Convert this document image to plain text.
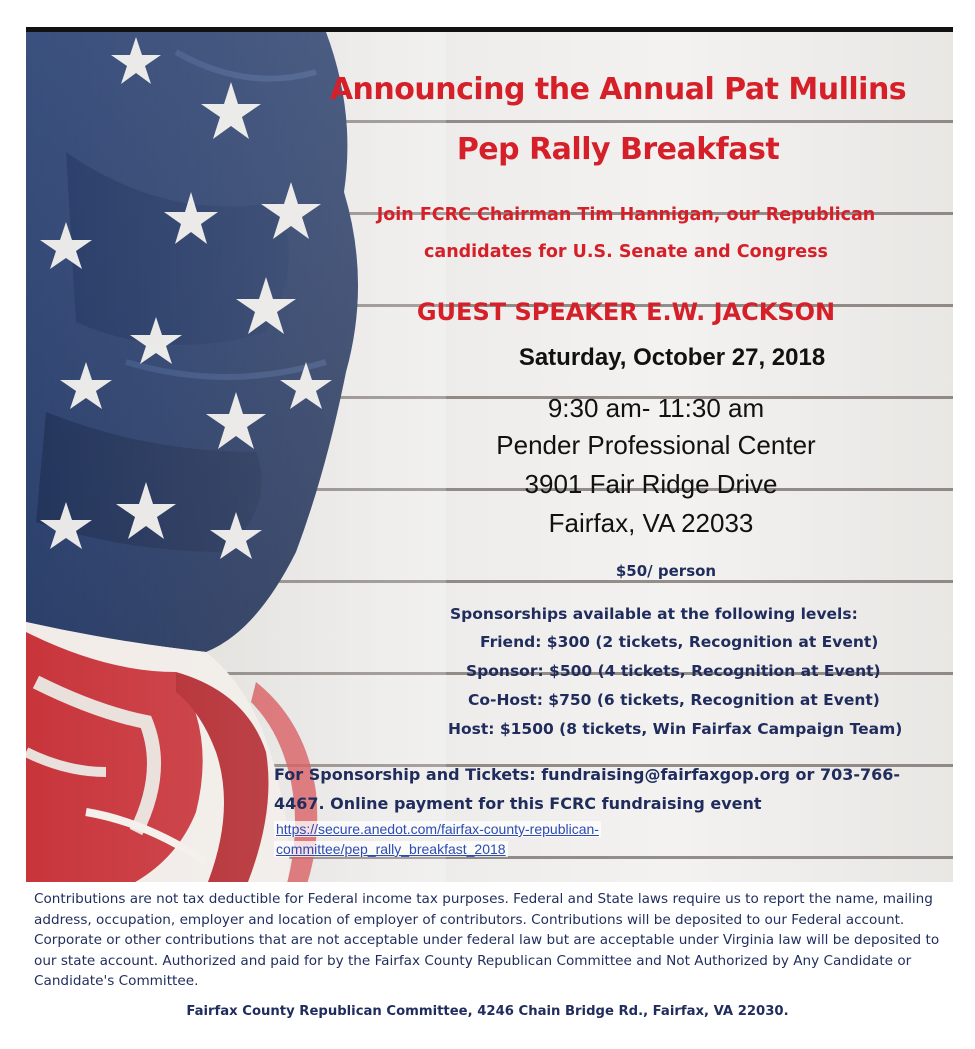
Announcing the Annual Pat Mullins
Pep Rally Breakfast
Join FCRC Chairman Tim Hannigan, our Republican
candidates for U.S. Senate and Congress
GUEST SPEAKER E.W. JACKSON
Saturday, October 27, 2018
9:30 am- 11:30 am
Pender Professional Center
3901 Fair Ridge Drive
Fairfax, VA 22033
$50/ person
Sponsorships available at the following levels:
Friend: $300 (2 tickets, Recognition at Event)
Sponsor: $500 (4 tickets, Recognition at Event)
Co-Host: $750 (6 tickets, Recognition at Event)
Host: $1500 (8 tickets, Win Fairfax Campaign Team)
For Sponsorship and Tickets: fundraising@fairfaxgop.org or 703-766-
4467. Online payment for this FCRC fundraising event
https://secure.anedot.com/fairfax-county-republican-
committee/pep_rally_breakfast_2018

Contributions are not tax deductible for Federal income tax purposes. Federal and State laws require us to report the name, mailing address, occupation, employer and location of employer of contributors. Contributions will be deposited to our Federal account. Corporate or other contributions that are not acceptable under federal law but are acceptable under Virginia law will be deposited to our state account. Authorized and paid for by the Fairfax County Republican Committee and Not Authorized by Any Candidate or Candidate's Committee.

Fairfax County Republican Committee, 4246 Chain Bridge Rd., Fairfax, VA 22030.
